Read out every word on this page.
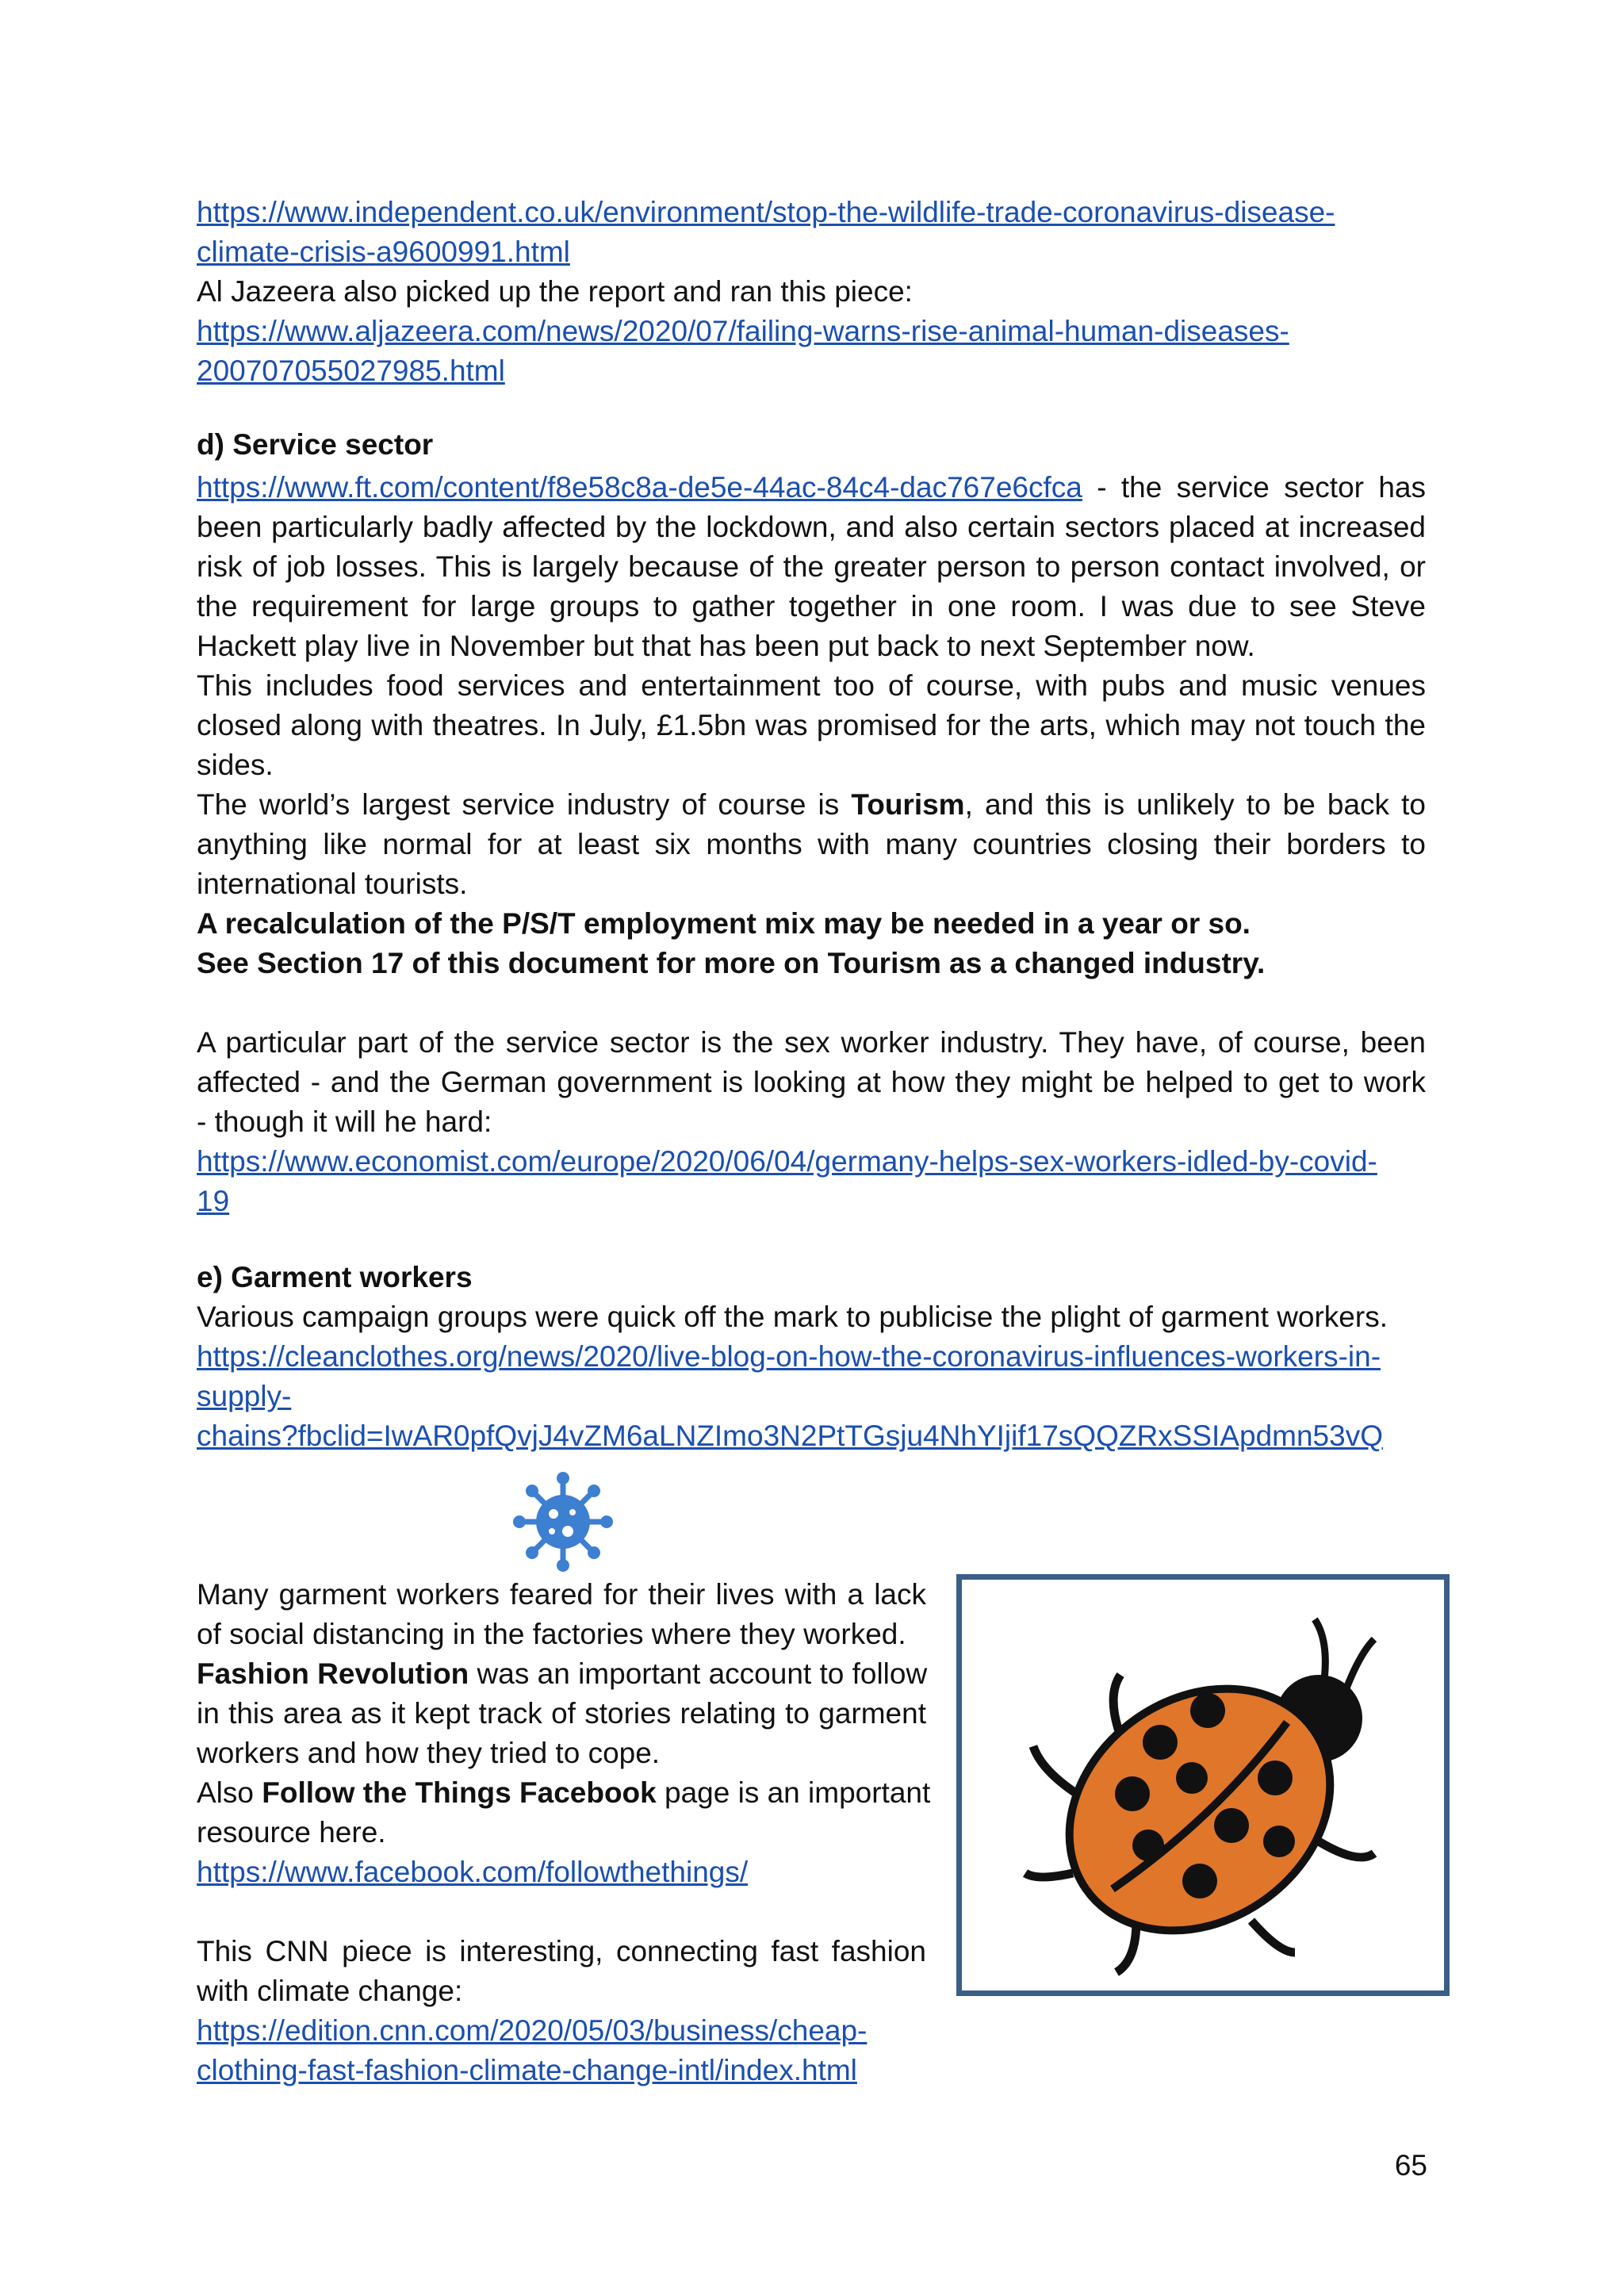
https://www.independent.co.uk/environment/stop-the-wildlife-trade-coronavirus-disease-
climate-crisis-a9600991.html
Al Jazeera also picked up the report and ran this piece:
https://www.aljazeera.com/news/2020/07/failing-warns-rise-animal-human-diseases-
200707055027985.html
d) Service sector
https://www.ft.com/content/f8e58c8a-de5e-44ac-84c4-dac767e6cfca - the service sector has
been particularly badly affected by the lockdown, and also certain sectors placed at increased
risk of job losses. This is largely because of the greater person to person contact involved, or
the requirement for large groups to gather together in one room. I was due to see Steve
Hackett play live in November but that has been put back to next September now.
This includes food services and entertainment too of course, with pubs and music venues
closed along with theatres. In July, £1.5bn was promised for the arts, which may not touch the
sides.
The world’s largest service industry of course is Tourism, and this is unlikely to be back to
anything like normal for at least six months with many countries closing their borders to
international tourists.
A recalculation of the P/S/T employment mix may be needed in a year or so.
See Section 17 of this document for more on Tourism as a changed industry.
A particular part of the service sector is the sex worker industry. They have, of course, been
affected - and the German government is looking at how they might be helped to get to work
- though it will he hard:
https://www.economist.com/europe/2020/06/04/germany-helps-sex-workers-idled-by-covid-
19
e) Garment workers
Various campaign groups were quick off the mark to publicise the plight of garment workers.
https://cleanclothes.org/news/2020/live-blog-on-how-the-coronavirus-influences-workers-in-
supply-
chains?fbclid=IwAR0pfQvjJ4vZM6aLNZImo3N2PtTGsju4NhYIjif17sQQZRxSSIApdmn53vQ
Many garment workers feared for their lives with a lack
of social distancing in the factories where they worked.
Fashion Revolution was an important account to follow
in this area as it kept track of stories relating to garment
workers and how they tried to cope.
Also Follow the Things Facebook page is an important
resource here.
https://www.facebook.com/followthethings/
This CNN piece is interesting, connecting fast fashion
with climate change:
https://edition.cnn.com/2020/05/03/business/cheap-
clothing-fast-fashion-climate-change-intl/index.html
65
